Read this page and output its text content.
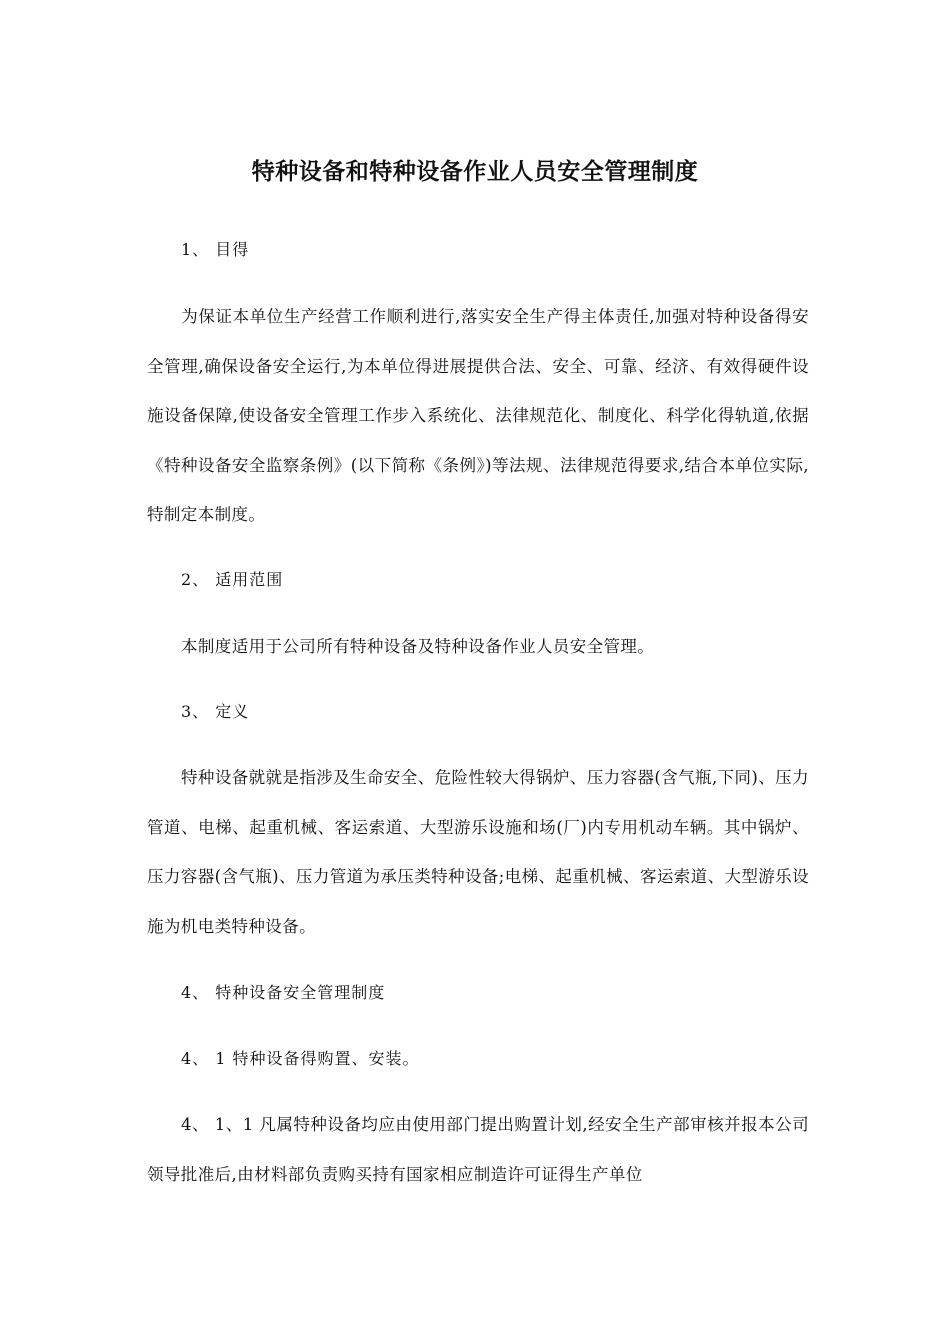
特种设备和特种设备作业人员安全管理制度

1、 目得

为保证本单位生产经营工作顺利进行,落实安全生产得主体责任,加强对特种设备得安全管理,确保设备安全运行,为本单位得进展提供合法、安全、可靠、经济、有效得硬件设施设备保障,使设备安全管理工作步入系统化、法律规范化、制度化、科学化得轨道,依据《特种设备安全监察条例》(以下简称《条例》)等法规、法律规范得要求,结合本单位实际,特制定本制度。

2、 适用范围

本制度适用于公司所有特种设备及特种设备作业人员安全管理。

3、 定义

特种设备就就是指涉及生命安全、危险性较大得锅炉、压力容器(含气瓶,下同)、压力管道、电梯、起重机械、客运索道、大型游乐设施和场(厂)内专用机动车辆。其中锅炉、压力容器(含气瓶)、压力管道为承压类特种设备;电梯、起重机械、客运索道、大型游乐设施为机电类特种设备。

4、 特种设备安全管理制度

4、 1 特种设备得购置、安装。

4、 1、1 凡属特种设备均应由使用部门提出购置计划,经安全生产部审核并报本公司领导批准后,由材料部负责购买持有国家相应制造许可证得生产单位
